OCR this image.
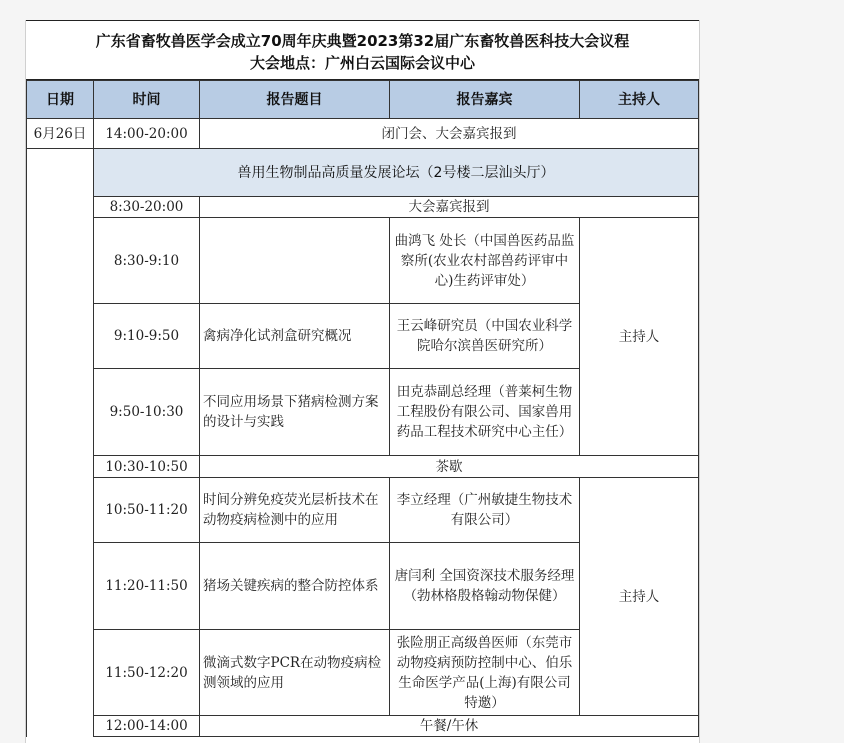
广东省畜牧兽医学会成立70周年庆典暨2023第32届广东畜牧兽医科技大会议程
大会地点：广州白云国际会议中心
日期	时间	报告题目	报告嘉宾	主持人
6月26日	14:00-20:00	闭门会、大会嘉宾报到		
	兽用生物制品高质量发展论坛（2号楼二层汕头厅）			
	8:30-20:00	大会嘉宾报到		
	8:30-9:10		曲鸿飞 处长（中国兽医药品监察所(农业农村部兽药评审中心)生药评审处）	主持人
	9:10-9:50	禽病净化试剂盒研究概况	王云峰研究员（中国农业科学院哈尔滨兽医研究所）	
	9:50-10:30	不同应用场景下猪病检测方案的设计与实践	田克恭副总经理（普莱柯生物工程股份有限公司、国家兽用药品工程技术研究中心主任）	
	10:30-10:50	茶歇		
	10:50-11:20	时间分辨免疫荧光层析技术在动物疫病检测中的应用	李立经理（广州敏捷生物技术有限公司）	主持人
	11:20-11:50	猪场关键疾病的整合防控体系	唐闫利 全国资深技术服务经理（勃林格殷格翰动物保健）	
	11:50-12:20	微滴式数字PCR在动物疫病检测领域的应用	张险朋正高级兽医师（东莞市动物疫病预防控制中心、伯乐生命医学产品(上海)有限公司特邀）	
	12:00-14:00	午餐/午休		
